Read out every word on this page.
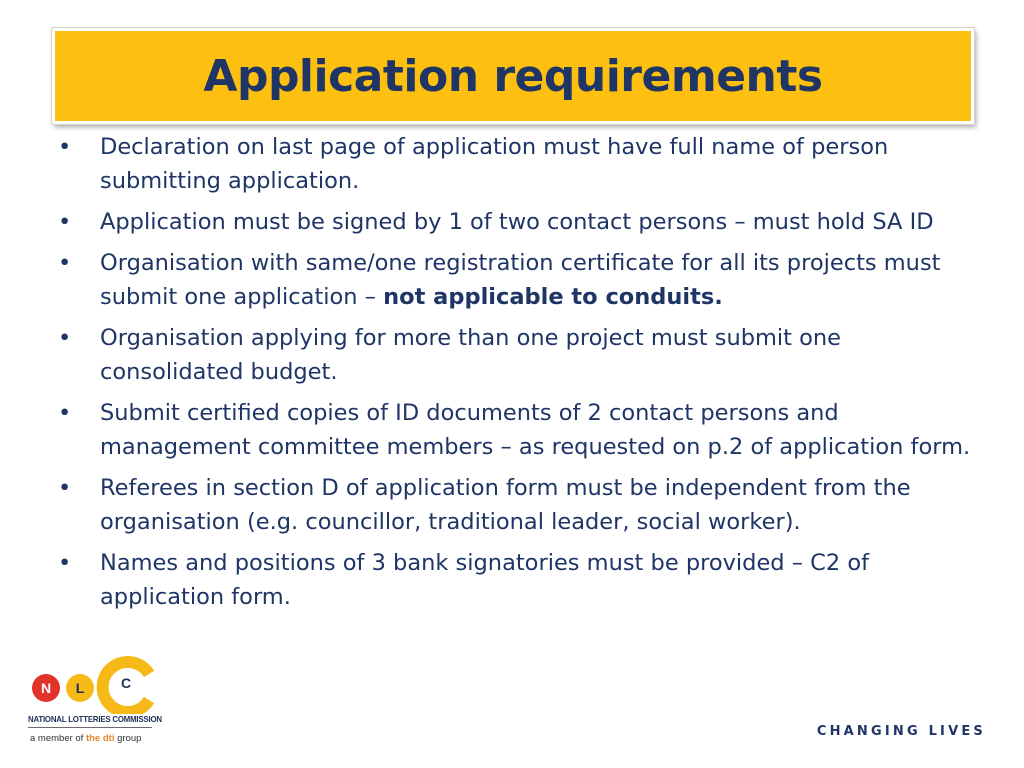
Application requirements
• Declaration on last page of application must have full name of person submitting application.
• Application must be signed by 1 of two contact persons – must hold SA ID
• Organisation with same/one registration certificate for all its projects must submit one application – not applicable to conduits.
• Organisation applying for more than one project must submit one consolidated budget.
• Submit certified copies of ID documents of 2 contact persons and management committee members – as requested on p.2 of application form.
• Referees in section D of application form must be independent from the organisation (e.g. councillor, traditional leader, social worker).
• Names and positions of 3 bank signatories must be provided – C2 of application form.
N L	C
NATIONAL LOTTERIES COMMISSION
a member of the dti group	CHANGING LIVES
